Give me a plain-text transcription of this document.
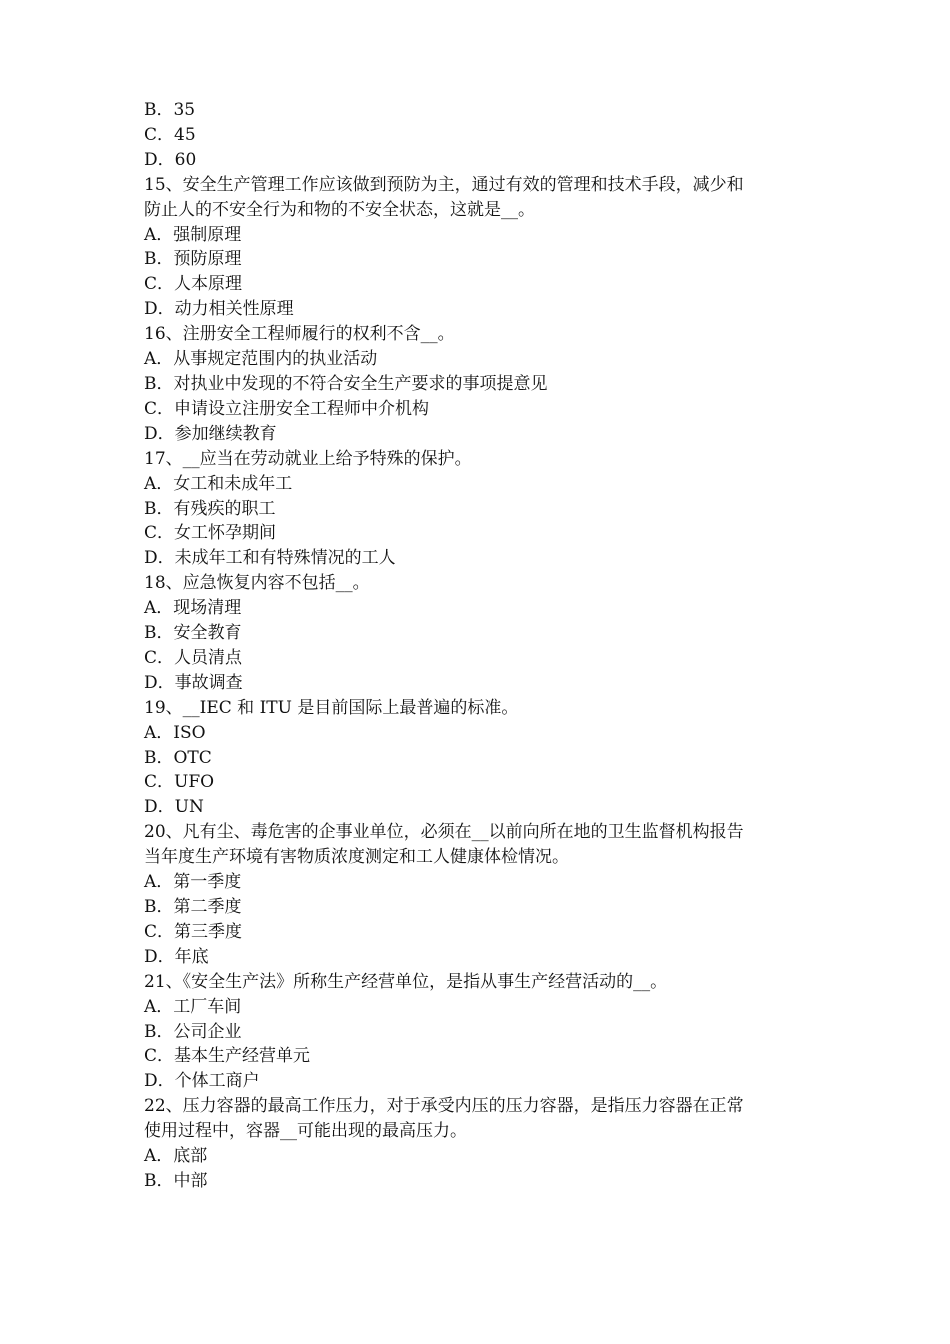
B．35
C．45
D．60
15、安全生产管理工作应该做到预防为主，通过有效的管理和技术手段，减少和
防止人的不安全行为和物的不安全状态，这就是__。
A．强制原理
B．预防原理
C．人本原理
D．动力相关性原理
16、注册安全工程师履行的权利不含__。
A．从事规定范围内的执业活动
B．对执业中发现的不符合安全生产要求的事项提意见
C．申请设立注册安全工程师中介机构
D．参加继续教育
17、__应当在劳动就业上给予特殊的保护。
A．女工和未成年工
B．有残疾的职工
C．女工怀孕期间
D．未成年工和有特殊情况的工人
18、应急恢复内容不包括__。
A．现场清理
B．安全教育
C．人员清点
D．事故调查
19、__IEC 和 ITU 是目前国际上最普遍的标准。
A．ISO
B．OTC
C．UFO
D．UN
20、凡有尘、毒危害的企事业单位，必须在__以前向所在地的卫生监督机构报告
当年度生产环境有害物质浓度测定和工人健康体检情况。
A．第一季度
B．第二季度
C．第三季度
D．年底
21、《安全生产法》所称生产经营单位，是指从事生产经营活动的__。
A．工厂车间
B．公司企业
C．基本生产经营单元
D．个体工商户
22、压力容器的最高工作压力，对于承受内压的压力容器，是指压力容器在正常
使用过程中，容器__可能出现的最高压力。
A．底部
B．中部
